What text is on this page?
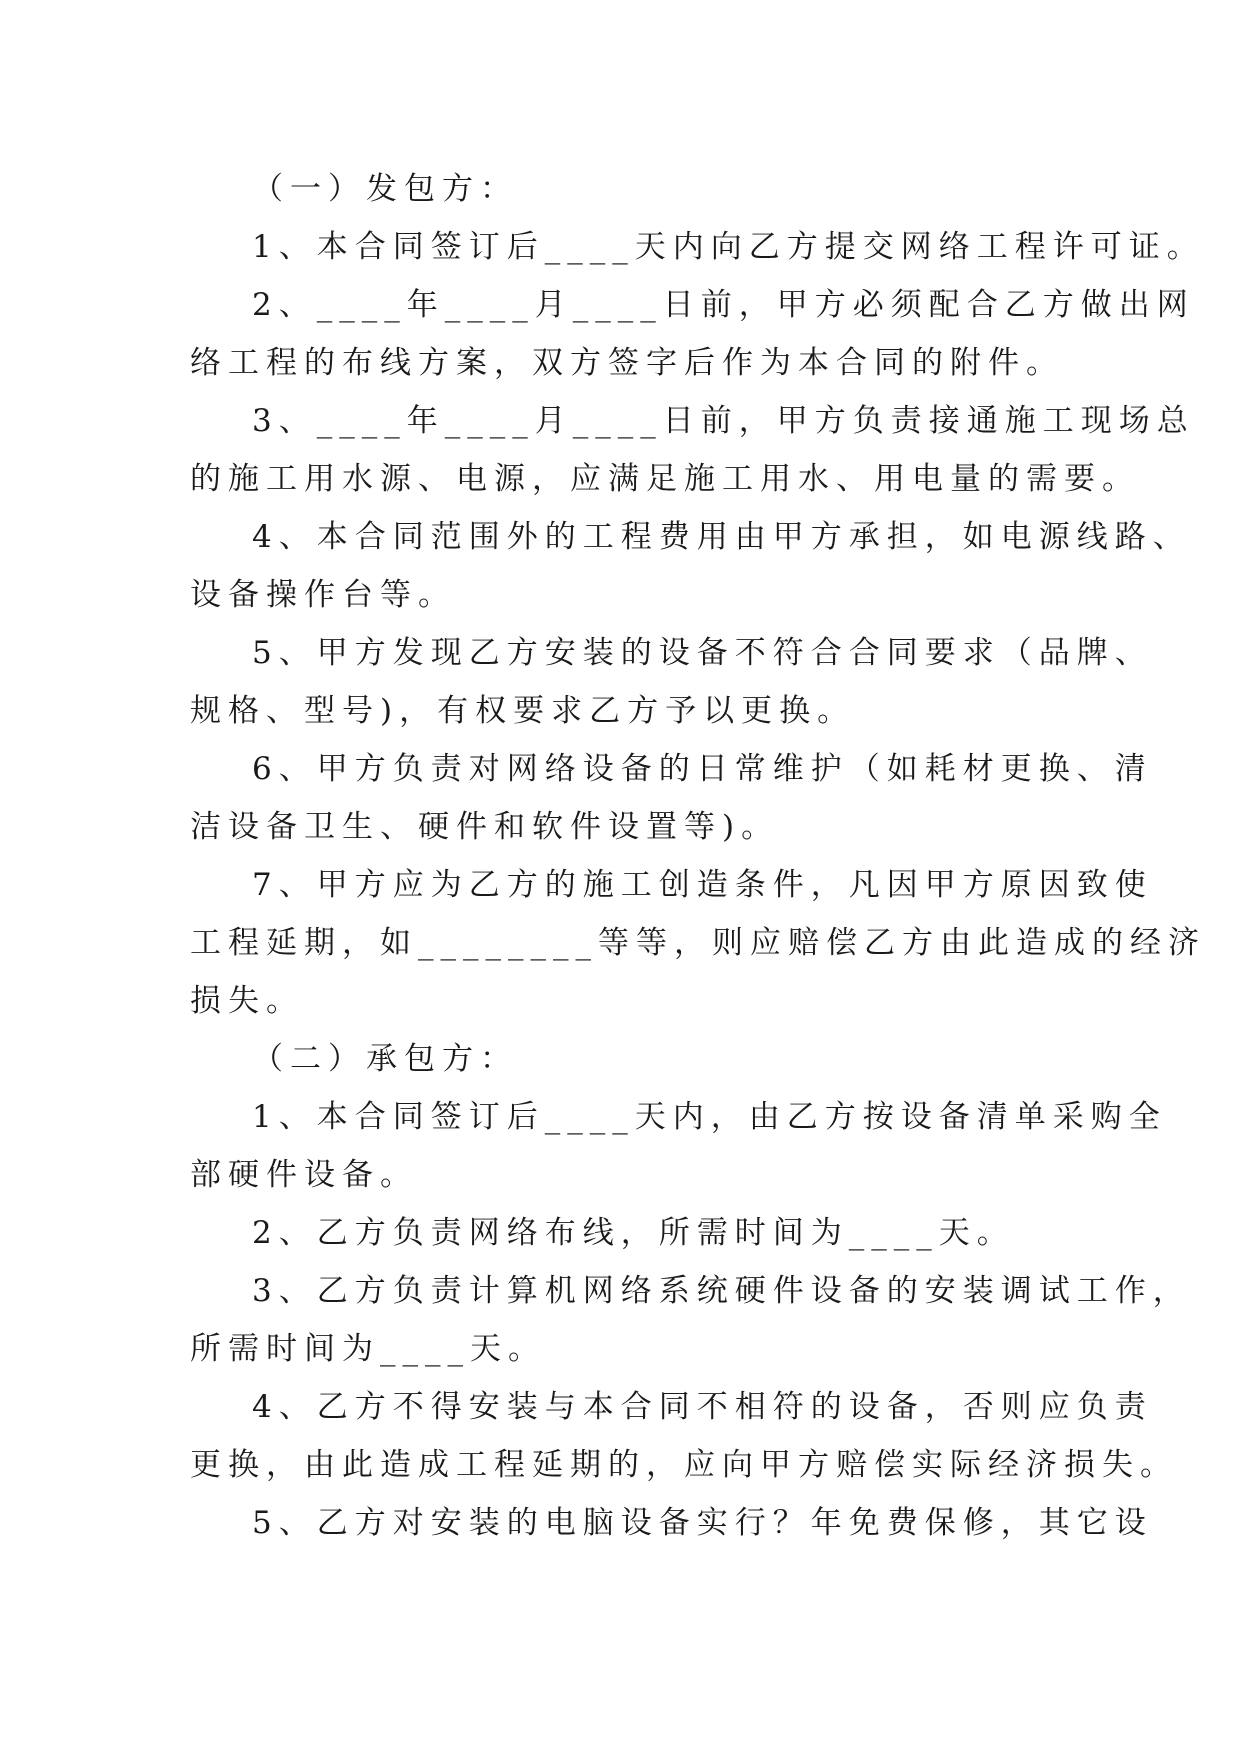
（一）发包方：
1、本合同签订后____天内向乙方提交网络工程许可证。
2、____年____月____日前，甲方必须配合乙方做出网
络工程的布线方案，双方签字后作为本合同的附件。
3、____年____月____日前，甲方负责接通施工现场总
的施工用水源、电源，应满足施工用水、用电量的需要。
4、本合同范围外的工程费用由甲方承担，如电源线路、
设备操作台等。
5、甲方发现乙方安装的设备不符合合同要求（品牌、
规格、型号)，有权要求乙方予以更换。
6、甲方负责对网络设备的日常维护（如耗材更换、清
洁设备卫生、硬件和软件设置等)。
7、甲方应为乙方的施工创造条件，凡因甲方原因致使
工程延期，如________等等，则应赔偿乙方由此造成的经济
损失。
（二）承包方：
1、本合同签订后____天内，由乙方按设备清单采购全
部硬件设备。
2、乙方负责网络布线，所需时间为____天。
3、乙方负责计算机网络系统硬件设备的安装调试工作，
所需时间为____天。
4、乙方不得安装与本合同不相符的设备，否则应负责
更换，由此造成工程延期的，应向甲方赔偿实际经济损失。
5、乙方对安装的电脑设备实行？年免费保修，其它设
